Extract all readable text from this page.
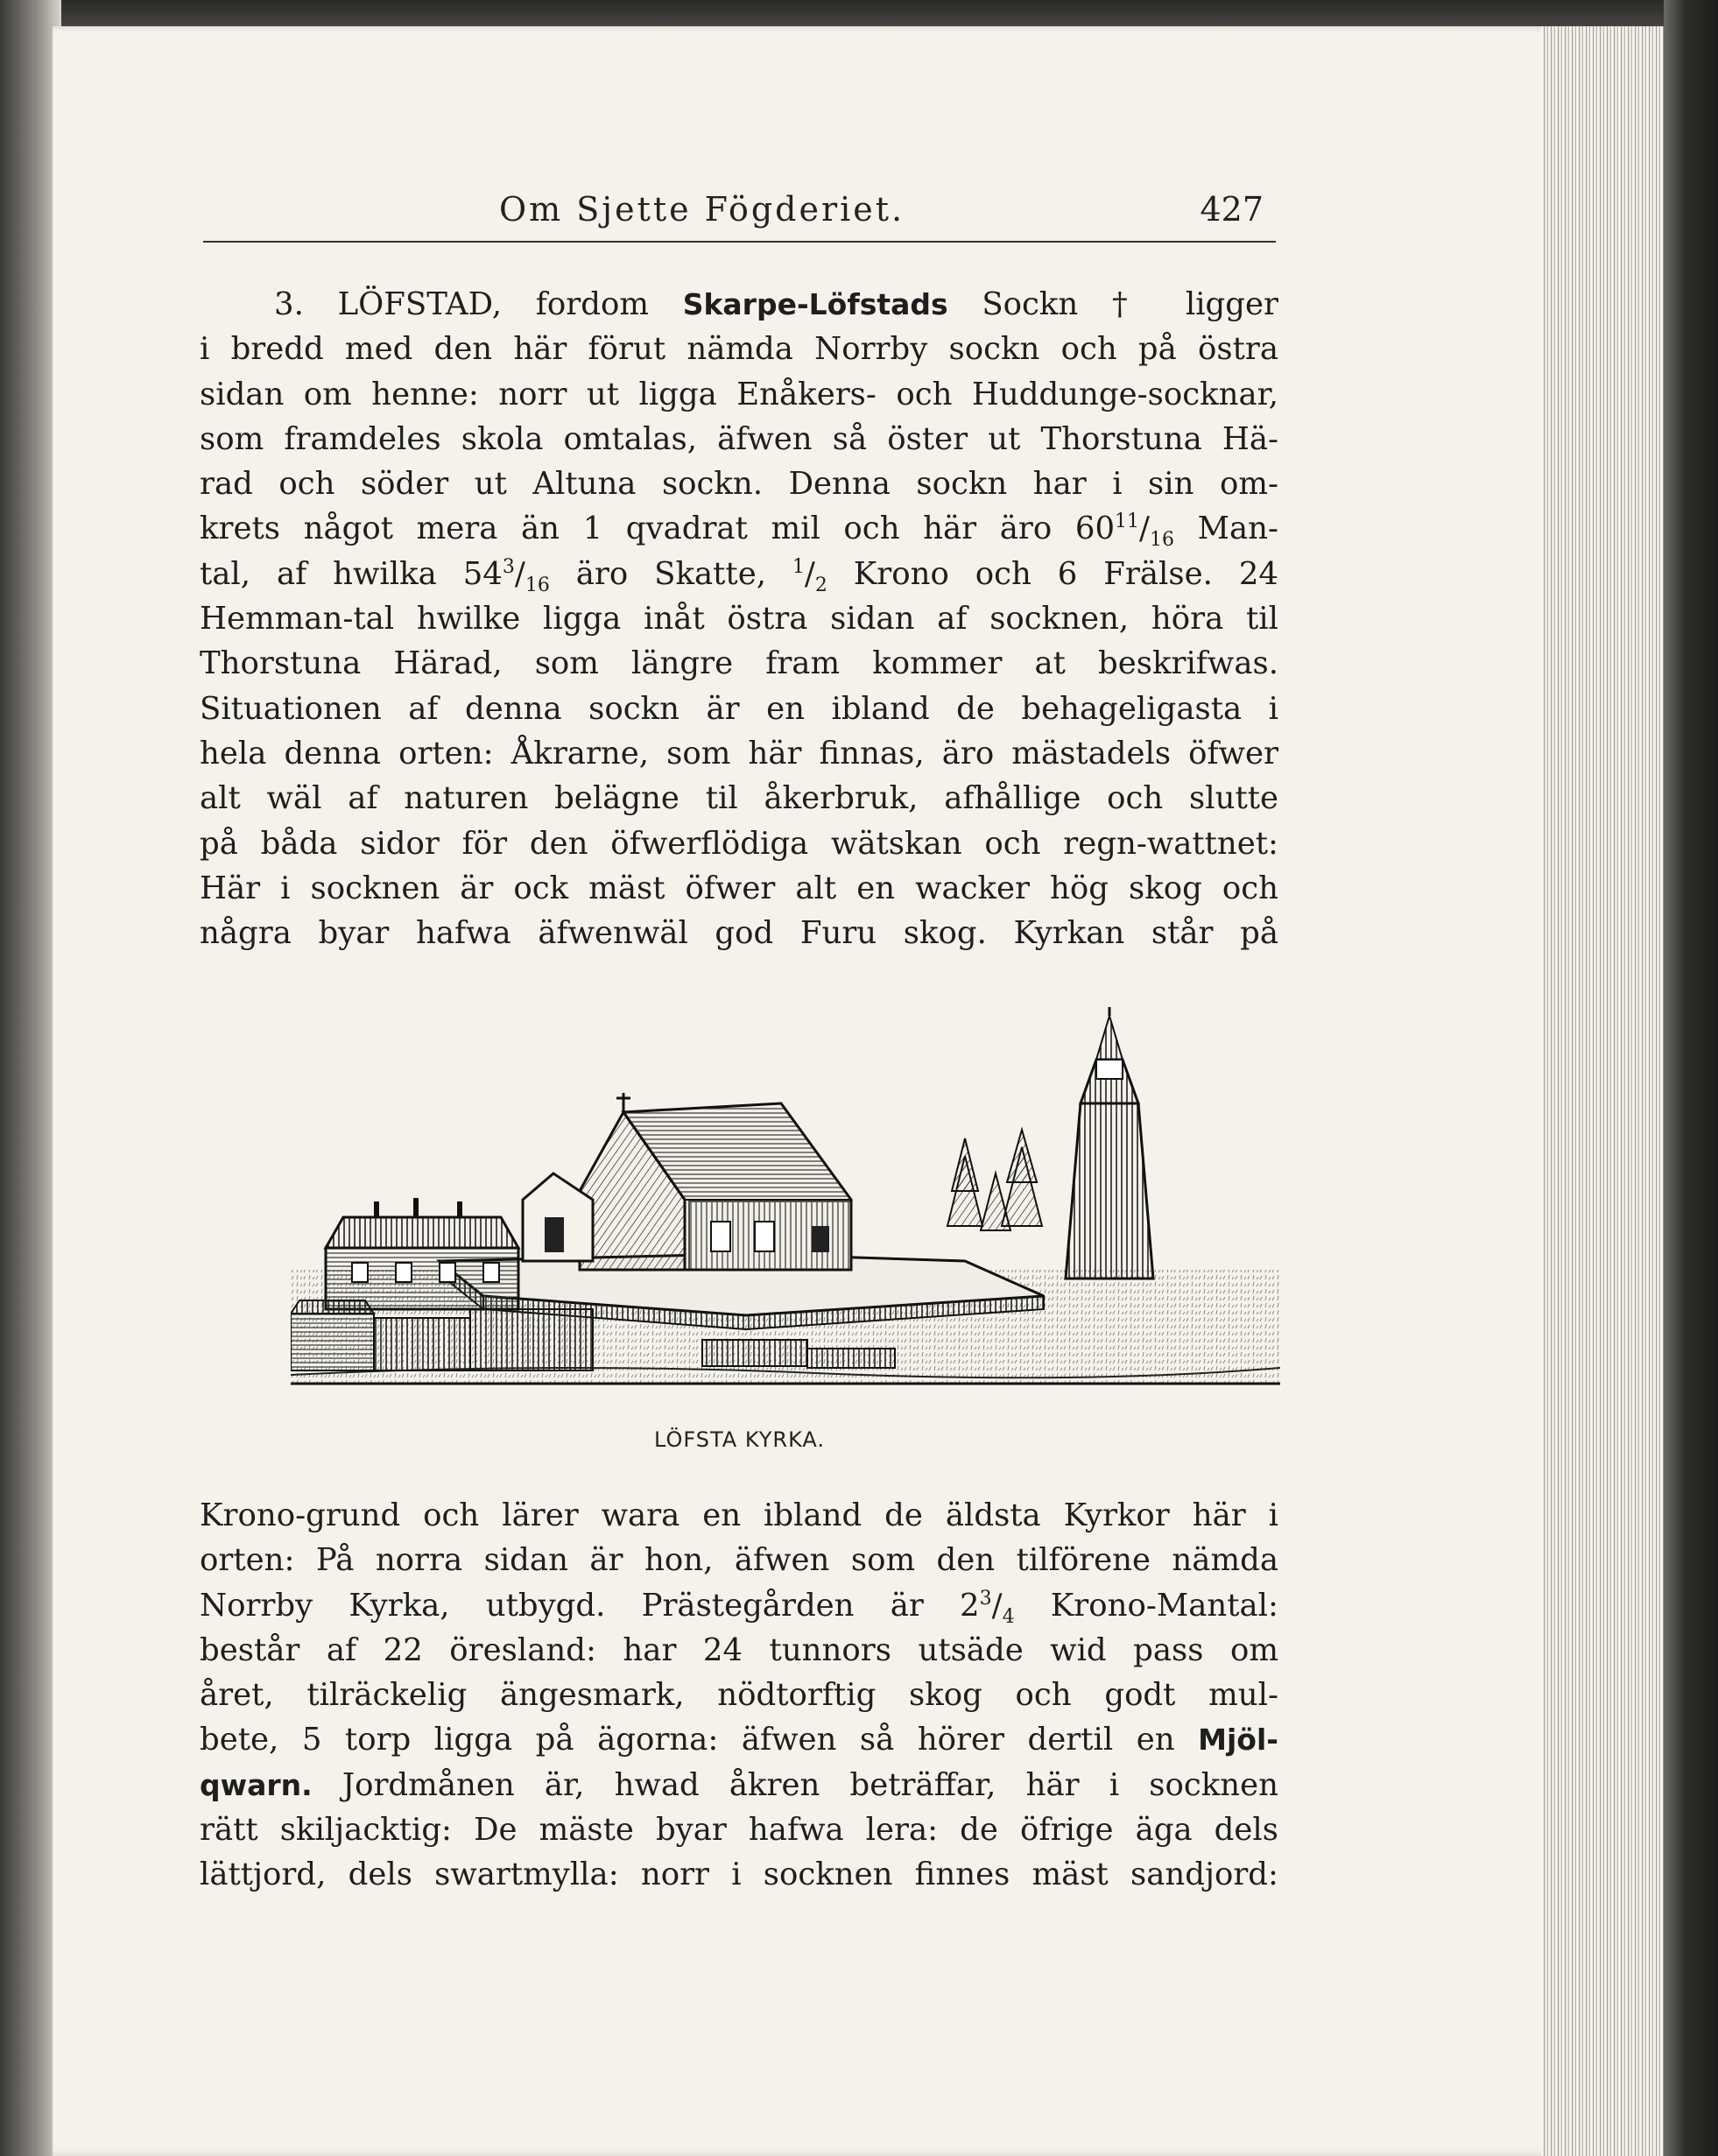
Om Sjette Fögderiet.	427
3. LÖFSTAD, fordom Skarpe-Löfstads Sockn † ligger
i bredd med den här förut nämda Norrby sockn och på östra
sidan om henne: norr ut ligga Enåkers- och Huddunge-socknar,
som framdeles skola omtalas, äfwen så öster ut Thorstuna Hä-
rad och söder ut Altuna sockn. Denna sockn har i sin om-
krets något mera än 1 qvadrat mil och här äro $60^{11}/_{16}$ Man-
tal, af hwilka $54^3/_{16}$ äro Skatte, $^1/_2$ Krono och 6 Frälse. 24
Hemman-tal hwilke ligga inåt östra sidan af socknen, höra til
Thorstuna Härad, som längre fram kommer at beskrifwas.
Situationen af denna sockn är en ibland de behageligasta i
hela denna orten: Åkrarne, som här finnas, äro mästadels öfwer
alt wäl af naturen belägne til åkerbruk, afhållige och slutte
på båda sidor för den öfwerflödiga wätskan och regn-wattnet:
Här i socknen är ock mäst öfwer alt en wacker hög skog och
några byar hafwa äfwenwäl god Furu skog. Kyrkan står på
LÖFSTA KYRKA.
Krono-grund och lärer wara en ibland de äldsta Kyrkor här i
orten: På norra sidan är hon, äfwen som den tilförene nämda
Norrby Kyrka, utbygd. Prästegården är $2^3/_4$ Krono-Mantal:
består af 22 öresland: har 24 tunnors utsäde wid pass om
året, tilräckelig ängesmark, nödtorftig skog och godt mul-
bete, 5 torp ligga på ägorna: äfwen så hörer dertil en Mjöl-
qwarn. Jordmånen är, hwad åkren beträffar, här i socknen
rätt skiljacktig: De mäste byar hafwa lera: de öfrige äga dels
lättjord, dels swartmylla: norr i socknen finnes mäst sandjord:
